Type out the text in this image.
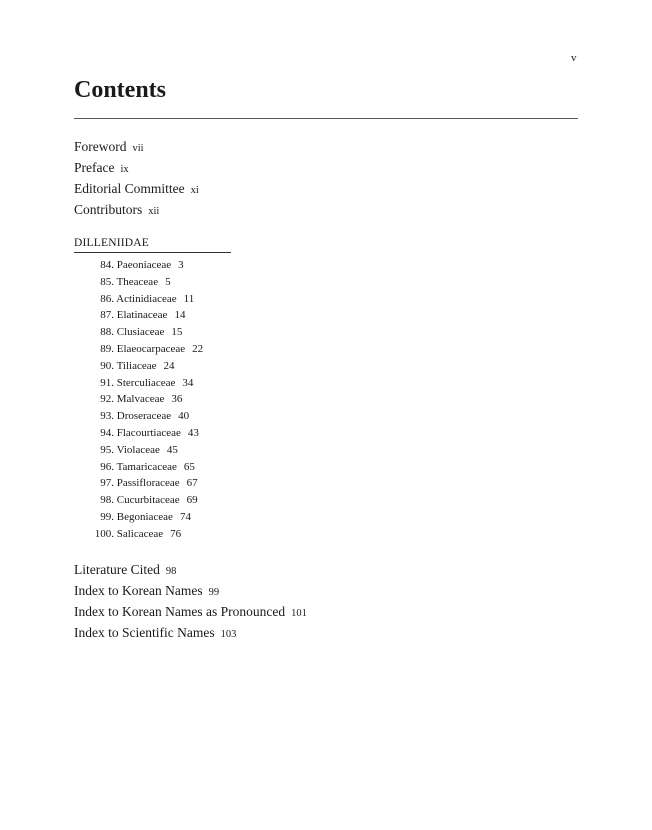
v
Contents
Foreword vii
Preface ix
Editorial Committee xi
Contributors xii
DILLENIIDAE
84. Paeoniaceae 3
85. Theaceae 5
86. Actinidiaceae 11
87. Elatinaceae 14
88. Clusiaceae 15
89. Elaeocarpaceae 22
90. Tiliaceae 24
91. Sterculiaceae 34
92. Malvaceae 36
93. Droseraceae 40
94. Flacourtiaceae 43
95. Violaceae 45
96. Tamaricaceae 65
97. Passifloraceae 67
98. Cucurbitaceae 69
99. Begoniaceae 74
100. Salicaceae 76
Literature Cited 98
Index to Korean Names 99
Index to Korean Names as Pronounced 101
Index to Scientific Names 103
